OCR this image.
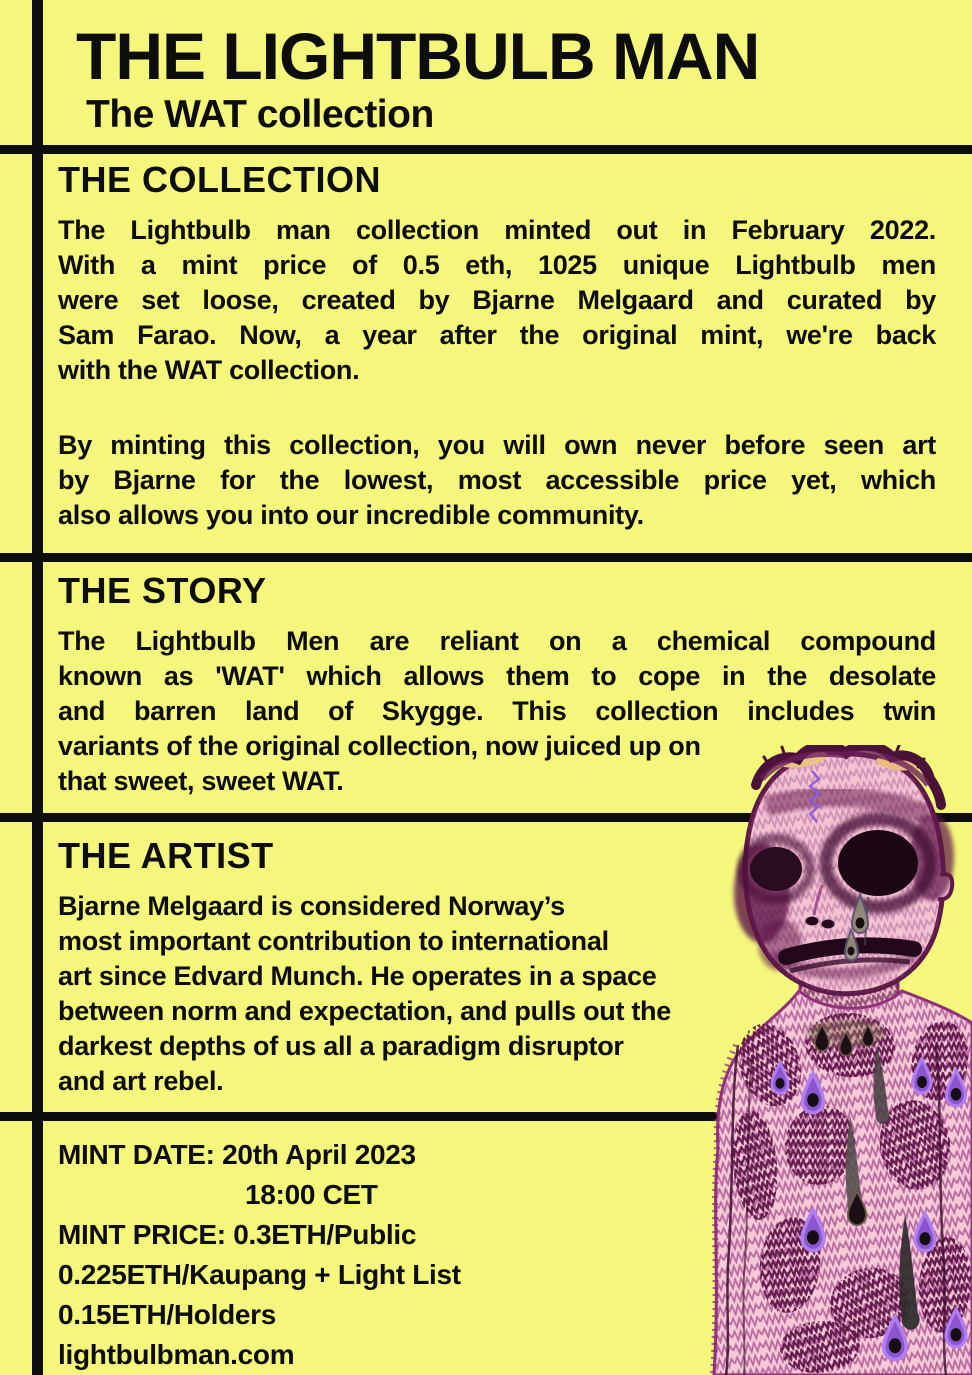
THE LIGHTBULB MAN
The WAT collection
THE COLLECTION
The Lightbulb man collection minted out in February 2022.
With a mint price of 0.5 eth, 1025 unique Lightbulb men
were set loose, created by Bjarne Melgaard and curated by
Sam Farao. Now, a year after the original mint, we're back
with the WAT collection.
By minting this collection, you will own never before seen art
by Bjarne for the lowest, most accessible price yet, which
also allows you into our incredible community.
THE STORY
The Lightbulb Men are reliant on a chemical compound
known as 'WAT' which allows them to cope in the desolate
and barren land of Skygge. This collection includes twin
variants of the original collection, now juiced up on
that sweet, sweet WAT.
THE ARTIST
Bjarne Melgaard is considered Norway’s
most important contribution to international
art since Edvard Munch. He operates in a space
between norm and expectation, and pulls out the
darkest depths of us all a paradigm disruptor
and art rebel.
MINT DATE: 20th April 2023
18:00 CET
MINT PRICE: 0.3ETH/Public
0.225ETH/Kaupang + Light List
0.15ETH/Holders
lightbulbman.com
